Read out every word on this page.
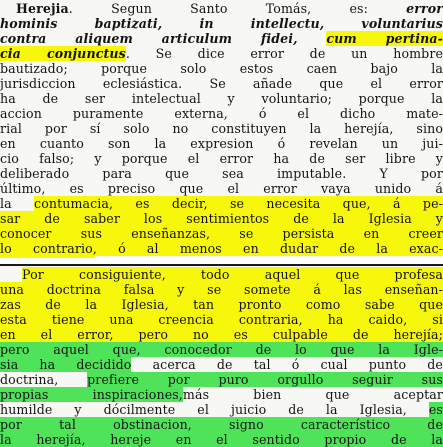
Herejia. Segun Santo Tomás, es: error
hominis baptizati, in intellectu, voluntarius
contra aliquem articulum fidei, cum pertina-
cia conjunctus. Se dice error de un hombre
bautizado; porque solo estos caen bajo la
jurisdiccion eclesiástica. Se añade que el error
ha de ser intelectual y voluntario; porque la
accion puramente externa, ó el dicho mate-
rial por sí solo no constituyen la herejía, sino
en cuanto son la expresion ó revelan un jui-
cio falso; y porque el error ha de ser libre y
deliberado para que sea imputable. Y por
último, es preciso que el error vaya unido á
la contumacia, es decir, se necesita que, á pe-
sar de saber los sentimientos de la Iglesia y
conocer sus enseñanzas, se persista en creer
lo contrario, ó al menos en dudar de la exac-
Por consiguiente, todo aquel que profesa
una doctrina falsa y se somete á las enseñan-
zas de la Iglesia, tan pronto como sabe que
esta tiene una creencia contraria, ha caido, si
en el error, pero no es culpable de herejía;
pero aquel que, conocedor de lo que la Igle-
sia ha decidido acerca de tal ó cual punto de
doctrina, prefiere por puro orgullo seguir sus
propias inspiraciones,más bien que aceptar
humilde y dócilmente el juicio de la Iglesia, es
por tal obstinacion, signo característico de
la herejía, hereje en el sentido propio de la
